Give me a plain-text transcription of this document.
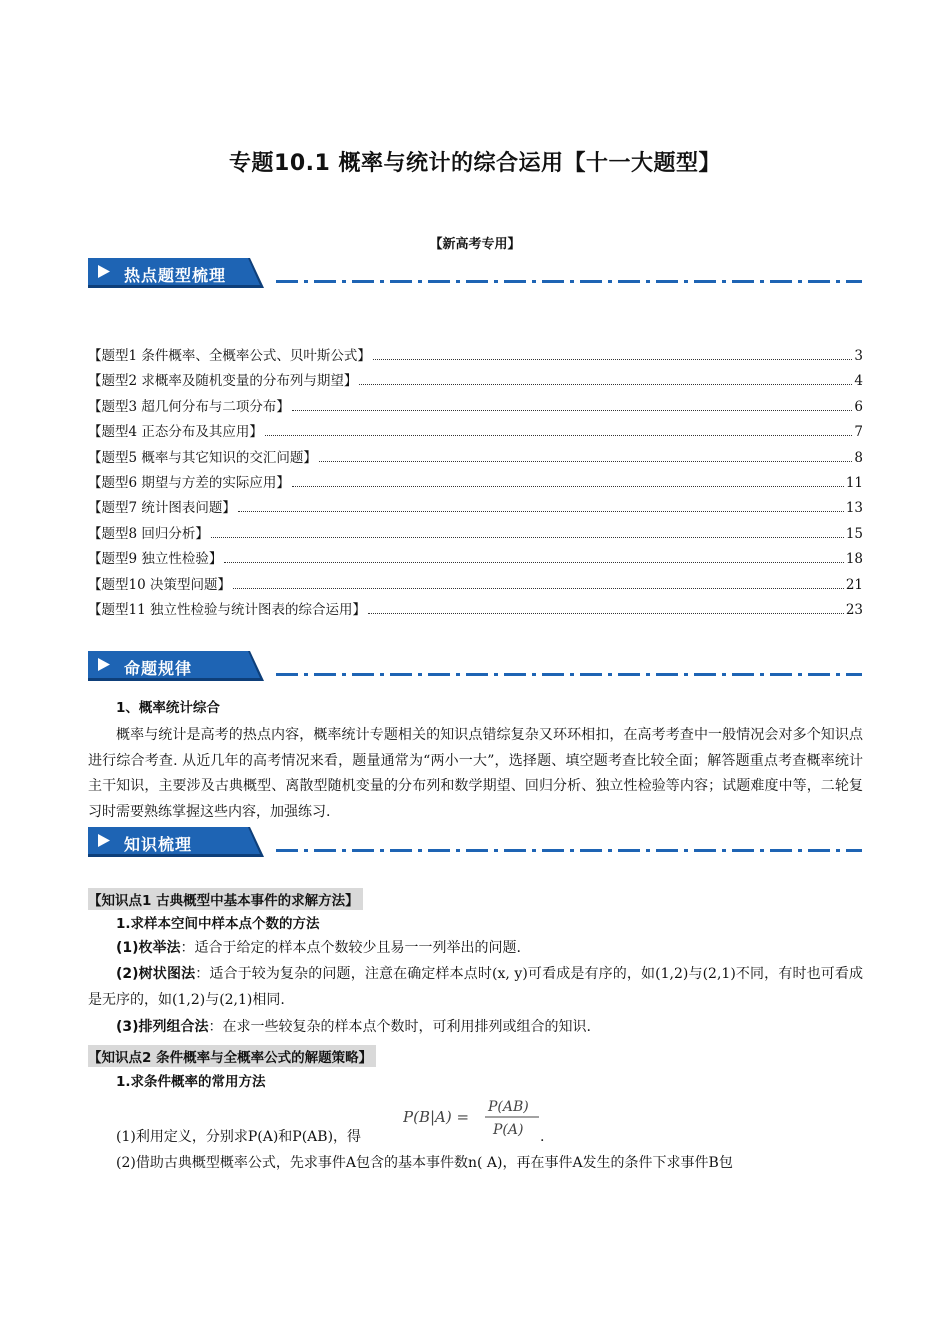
专题10.1 概率与统计的综合运用【十一大题型】
【新高考专用】
热点题型梳理
【题型1 条件概率、全概率公式、贝叶斯公式】	3
【题型2 求概率及随机变量的分布列与期望】	4
【题型3 超几何分布与二项分布】	6
【题型4 正态分布及其应用】	7
【题型5 概率与其它知识的交汇问题】	8
【题型6 期望与方差的实际应用】	11
【题型7 统计图表问题】	13
【题型8 回归分析】	15
【题型9 独立性检验】	18
【题型10 决策型问题】	21
【题型11 独立性检验与统计图表的综合运用】	23
命题规律
1、概率统计综合
概率与统计是高考的热点内容，概率统计专题相关的知识点错综复杂又环环相扣，在高考考查中一般情况会对多个知识点进行综合考查. 从近几年的高考情况来看，题量通常为“两小一大”，选择题、填空题考查比较全面；解答题重点考查概率统计主干知识，主要涉及古典概型、离散型随机变量的分布列和数学期望、回归分析、独立性检验等内容；试题难度中等，二轮复习时需要熟练掌握这些内容，加强练习.
知识梳理
【知识点1 古典概型中基本事件的求解方法】
1.求样本空间中样本点个数的方法
(1)枚举法：适合于给定的样本点个数较少且易一一列举出的问题.
(2)树状图法：适合于较为复杂的问题，注意在确定样本点时(x, y)可看成是有序的，如(1,2)与(2,1)不同，有时也可看成是无序的，如(1,2)与(2,1)相同.
(3)排列组合法：在求一些较复杂的样本点个数时，可利用排列或组合的知识.
【知识点2 条件概率与全概率公式的解题策略】
1.求条件概率的常用方法
P(B|A) =
P(AB)
P(A)
(1)利用定义，分别求P(A)和P(AB)，得	.
(2)借助古典概型概率公式，先求事件A包含的基本事件数n( A)，再在事件A发生的条件下求事件B包
